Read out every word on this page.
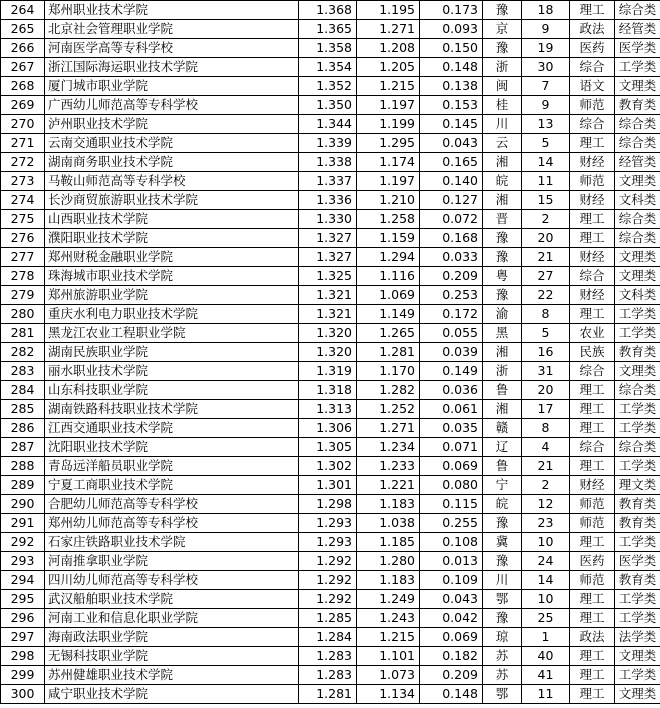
264	郑州职业技术学院	1.368	1.195	0.173	豫	18	理工	综合类
265	北京社会管理职业学院	1.365	1.271	0.093	京	9	政法	经管类
266	河南医学高等专科学校	1.358	1.208	0.150	豫	19	医药	医学类
267	浙江国际海运职业技术学院	1.354	1.205	0.148	浙	30	综合	工学类
268	厦门城市职业学院	1.352	1.215	0.138	闽	7	语文	文理类
269	广西幼儿师范高等专科学校	1.350	1.197	0.153	桂	9	师范	教育类
270	泸州职业技术学院	1.344	1.199	0.145	川	13	综合	综合类
271	云南交通职业技术学院	1.339	1.295	0.043	云	5	理工	综合类
272	湖南商务职业技术学院	1.338	1.174	0.165	湘	14	财经	经管类
273	马鞍山师范高等专科学校	1.337	1.197	0.140	皖	11	师范	文理类
274	长沙商贸旅游职业技术学院	1.336	1.210	0.127	湘	15	财经	文科类
275	山西职业技术学院	1.330	1.258	0.072	晋	2	理工	综合类
276	濮阳职业技术学院	1.327	1.159	0.168	豫	20	理工	综合类
277	郑州财税金融职业学院	1.327	1.294	0.033	豫	21	财经	文理类
278	珠海城市职业技术学院	1.325	1.116	0.209	粤	27	综合	文理类
279	郑州旅游职业学院	1.321	1.069	0.253	豫	22	财经	文科类
280	重庆水利电力职业技术学院	1.321	1.149	0.172	渝	8	理工	工学类
281	黑龙江农业工程职业学院	1.320	1.265	0.055	黑	5	农业	工学类
282	湖南民族职业学院	1.320	1.281	0.039	湘	16	民族	教育类
283	丽水职业技术学院	1.319	1.170	0.149	浙	31	综合	文理类
284	山东科技职业学院	1.318	1.282	0.036	鲁	20	理工	综合类
285	湖南铁路科技职业技术学院	1.313	1.252	0.061	湘	17	理工	工学类
286	江西交通职业技术学院	1.306	1.271	0.035	赣	8	理工	工学类
287	沈阳职业技术学院	1.305	1.234	0.071	辽	4	综合	综合类
288	青岛远洋船员职业学院	1.302	1.233	0.069	鲁	21	理工	工学类
289	宁夏工商职业技术学院	1.301	1.221	0.080	宁	2	财经	理文类
290	合肥幼儿师范高等专科学校	1.298	1.183	0.115	皖	12	师范	教育类
291	郑州幼儿师范高等专科学校	1.293	1.038	0.255	豫	23	师范	教育类
292	石家庄铁路职业技术学院	1.293	1.185	0.108	冀	10	理工	工学类
293	河南推拿职业学院	1.292	1.280	0.013	豫	24	医药	医学类
294	四川幼儿师范高等专科学校	1.292	1.183	0.109	川	14	师范	教育类
295	武汉船舶职业技术学院	1.292	1.249	0.043	鄂	10	理工	工学类
296	河南工业和信息化职业学院	1.285	1.243	0.042	豫	25	理工	工学类
297	海南政法职业学院	1.284	1.215	0.069	琼	1	政法	法学类
298	无锡科技职业学院	1.283	1.101	0.182	苏	40	理工	文理类
299	苏州健雄职业技术学院	1.283	1.073	0.209	苏	41	理工	工学类
300	咸宁职业技术学院	1.281	1.134	0.148	鄂	11	理工	文理类
